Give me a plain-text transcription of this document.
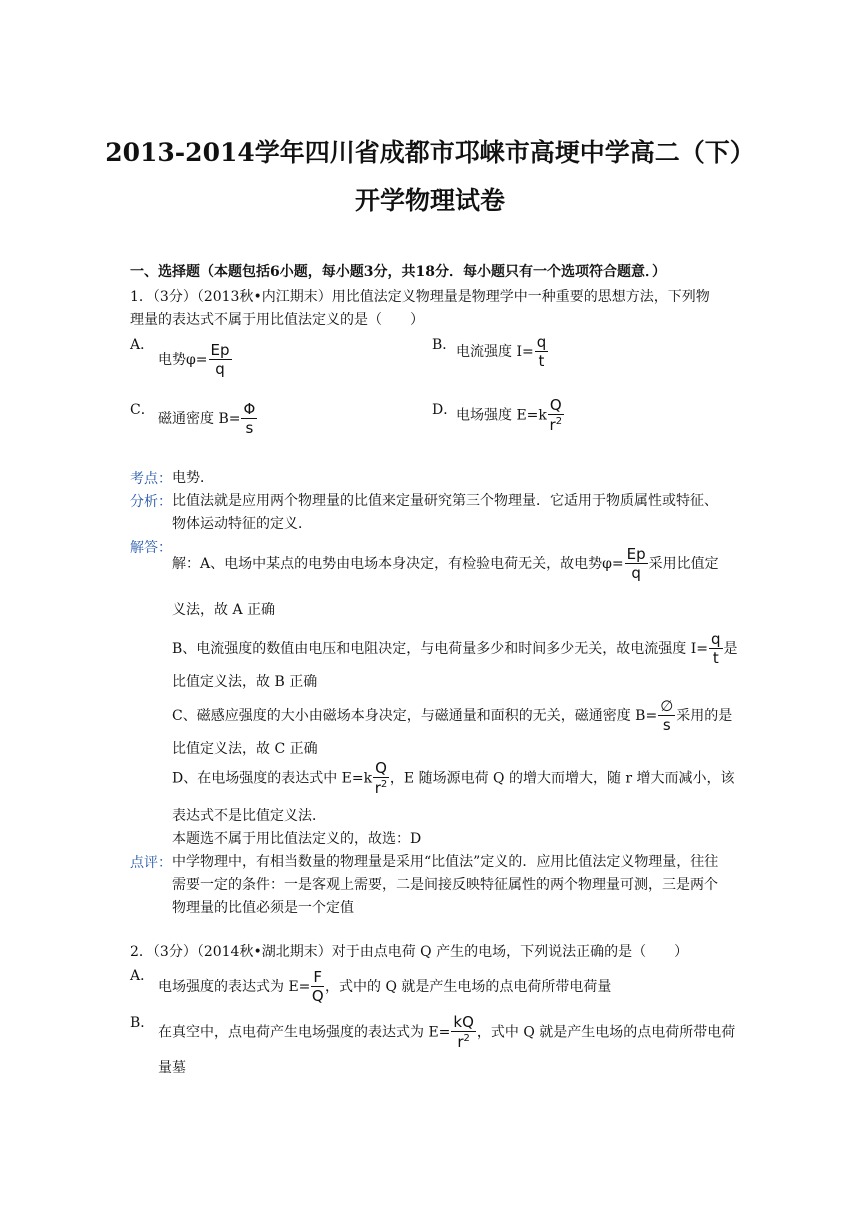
2013-2014学年四川省成都市邛崃市高埂中学高二（下）
开学物理试卷
一、选择题（本题包括6小题，每小题3分，共18分．每小题只有一个选项符合题意．）
1．（3分）（2013秋•内江期末）用比值法定义物理量是物理学中一种重要的思想方法，下列物
理量的表达式不属于用比值法定义的是（　　）
A．
电势$\varphi= \frac{Ep}{q}$	B． 电流强度 $I= \frac{q}{t}$
C．
磁通密度 $B= \frac{\Phi}{s}$	D．
电场强度 $E=k \frac{Q}{r^2}$
考点： 电势．
分析： 比值法就是应用两个物理量的比值来定量研究第三个物理量．它适用于物质属性或特征、
物体运动特征的定义．
解答：
解：A、电场中某点的电势由电场本身决定，有检验电荷无关，故电势$\varphi= \frac{Ep}{q}$ 采用比值定
义法，故 A 正确
B、电流强度的数值由电压和电阻决定，与电荷量多少和时间多少无关，故电流强度 $I= \frac{q}{t}$ 是
比值定义法，故 B 正确
C、磁感应强度的大小由磁场本身决定，与磁通量和面积的无关，磁通密度 $B= \frac{\emptyset}{s}$ 采用的是
比值定义法，故 C 正确
D、在电场强度的表达式中 $E=k \frac{Q}{r^2}$ ，E 随场源电荷 Q 的增大而增大，随 r 增大而减小，该
表达式不是比值定义法．
本题选不属于用比值法定义的，故选：D
点评： 中学物理中，有相当数量的物理量是采用“比值法”定义的．应用比值法定义物理量，往往
需要一定的条件：一是客观上需要，二是间接反映特征属性的两个物理量可测，三是两个
物理量的比值必须是一个定值
2．（3分）（2014秋•湖北期末）对于由点电荷 Q 产生的电场，下列说法正确的是（　　）
A．
电场强度的表达式为 $E= \frac{F}{Q}$ ，式中的 Q 就是产生电场的点电荷所带电荷量
B．
在真空中，点电荷产生电场强度的表达式为 $E= \frac{kQ}{r^2}$ ，式中 Q 就是产生电场的点电荷所带电荷
量墓
